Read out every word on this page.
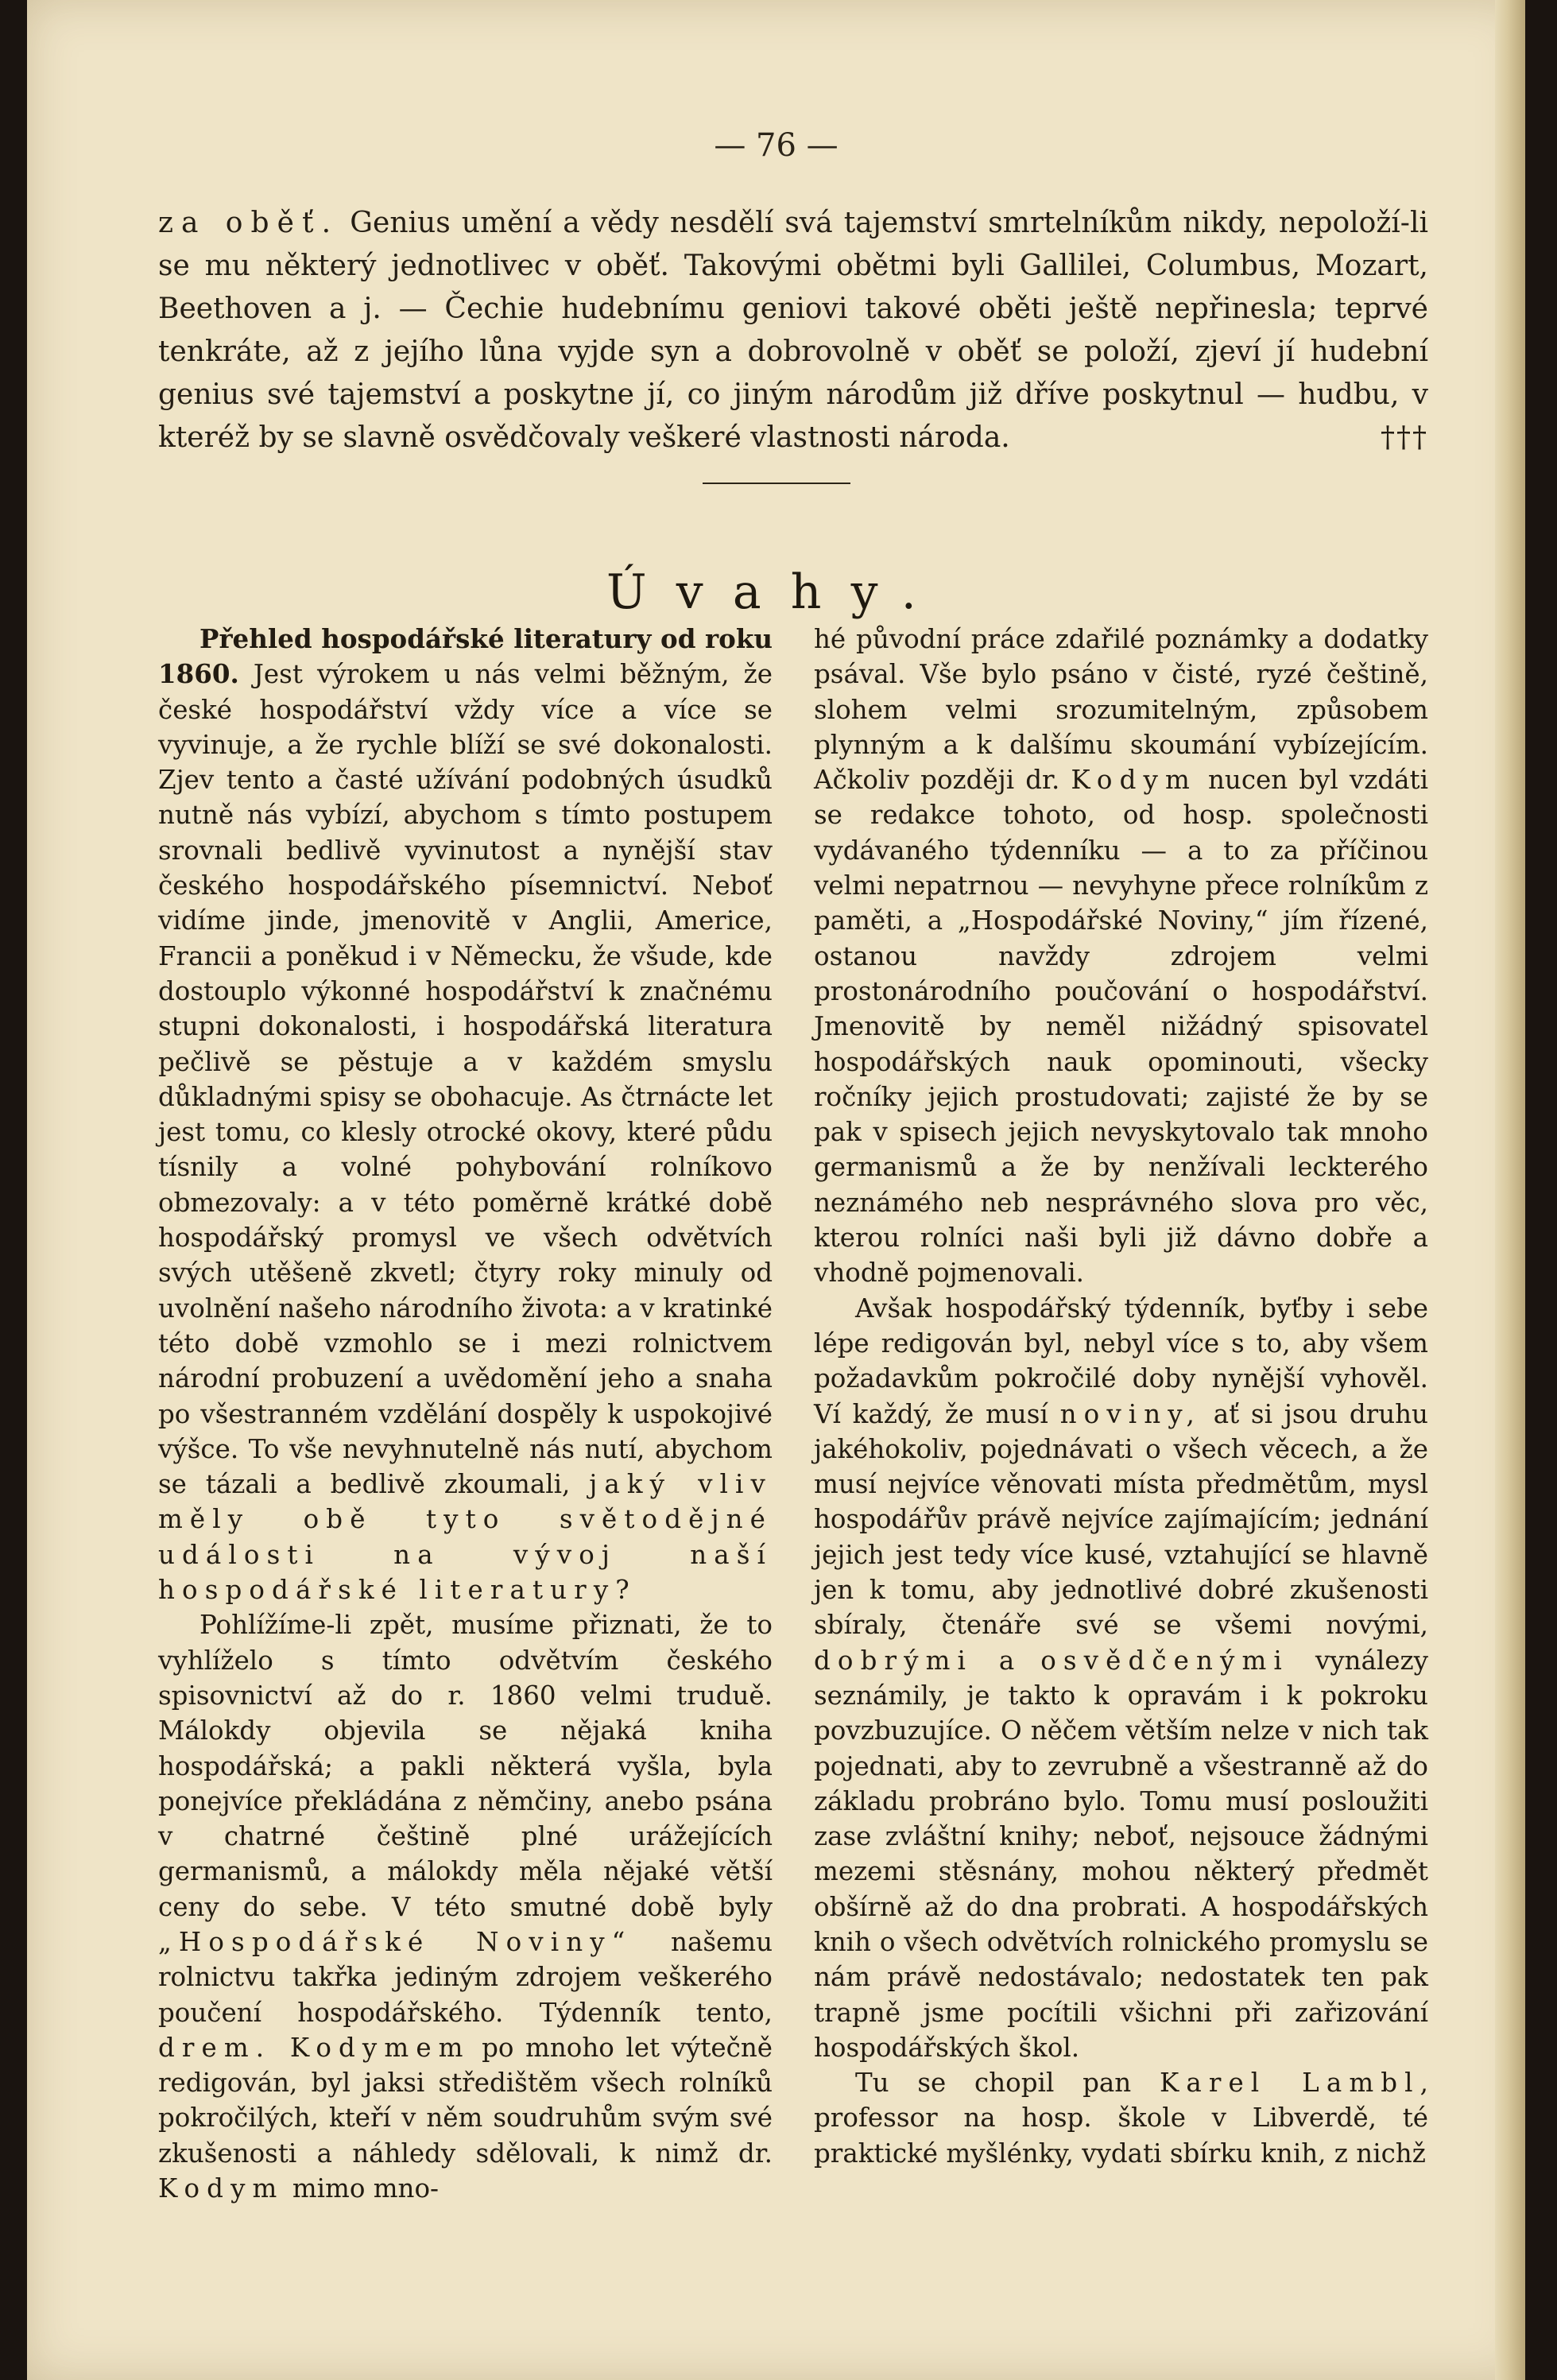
— 76 —

za oběť. Genius umění a vědy nesdělí svá tajemství smrtelníkům nikdy, nepoloží-li se mu některý jednotlivec v oběť. Takovými obětmi byli Gallilei, Columbus, Mozart, Beethoven a j. — Čechie hudebnímu geniovi takové oběti ještě nepřinesla; teprvé tenkráte, až z jejího lůna vyjde syn a dobrovolně v oběť se položí, zjeví jí hudební genius své tajemství a poskytne jí, co jiným národům již dříve poskytnul — hudbu, v kteréž by se slavně osvědčovaly veškeré vlastnosti národa.	†††

Úvahy.

Přehled hospodářské literatury od roku 1860. Jest výrokem u nás velmi běžným, že české hospodářství vždy více a více se vyvinuje, a že rychle blíží se své dokonalosti. Zjev tento a časté užívání podobných úsudků nutně nás vybízí, abychom s tímto postupem srovnali bedlivě vyvinutost a nynější stav českého hospodářského písemnictví. Neboť vidíme jinde, jmenovitě v Anglii, Americe, Francii a poněkud i v Německu, že všude, kde dostouplo výkonné hospodářství k značnému stupni dokonalosti, i hospodářská literatura pečlivě se pěstuje a v každém smyslu důkladnými spisy se obohacuje. As čtrnácte let jest tomu, co klesly otrocké okovy, které půdu tísnily a volné pohybování rolníkovo obmezovaly: a v této poměrně krátké době hospodářský promysl ve všech odvětvích svých utěšeně zkvetl; čtyry roky minuly od uvolnění našeho národního života: a v kratinké této době vzmohlo se i mezi rolnictvem národní probuzení a uvědomění jeho a snaha po všestranném vzdělání dospěly k uspokojivé výšce. To vše nevyhnutelně nás nutí, abychom se tázali a bedlivě zkoumali, jaký vliv měly obě tyto světodějné události na vývoj naší hospodářské literatury?

Pohlížíme-li zpět, musíme přiznati, že to vyhlíželo s tímto odvětvím českého spisovnictví až do r. 1860 velmi truduě. Málokdy objevila se nějaká kniha hospodářská; a pakli některá vyšla, byla ponejvíce překládána z němčiny, anebo psána v chatrné češtině plné urážejících germanismů, a málokdy měla nějaké větší ceny do sebe. V této smutné době byly „Hospodářské Noviny“ našemu rolnictvu takřka jediným zdrojem veškerého poučení hospodářského. Týdenník tento, drem. Kodymem po mnoho let výtečně redigován, byl jaksi středištěm všech rolníků pokročilých, kteří v něm soudruhům svým své zkušenosti a náhledy sdělovali, k nimž dr. Kodym mimo mno-

hé původní práce zdařilé poznámky a dodatky psával. Vše bylo psáno v čisté, ryzé češtině, slohem velmi srozumitelným, způsobem plynným a k dalšímu skoumání vybízejícím. Ačkoliv později dr. Kodym nucen byl vzdáti se redakce tohoto, od hosp. společnosti vydávaného týdenníku — a to za příčinou velmi nepatrnou — nevyhyne přece rolníkům z paměti, a „Hospodářské Noviny,“ jím řízené, ostanou navždy zdrojem velmi prostonárodního poučování o hospodářství. Jmenovitě by neměl nižádný spisovatel hospodářských nauk opominouti, všecky ročníky jejich prostudovati; zajisté že by se pak v spisech jejich nevyskytovalo tak mnoho germanismů a že by nenžívali leckterého neznámého neb nesprávného slova pro věc, kterou rolníci naši byli již dávno dobře a vhodně pojmenovali.

Avšak hospodářský týdenník, byťby i sebe lépe redigován byl, nebyl více s to, aby všem požadavkům pokročilé doby nynější vyhověl. Ví každý, že musí noviny, ať si jsou druhu jakéhokoliv, pojednávati o všech věcech, a že musí nejvíce věnovati místa předmětům, mysl hospodářův právě nejvíce zajímajícím; jednání jejich jest tedy více kusé, vztahující se hlavně jen k tomu, aby jednotlivé dobré zkušenosti sbíraly, čtenáře své se všemi novými, dobrými a osvědčenými vynálezy seznámily, je takto k opravám i k pokroku povzbuzujíce. O něčem větším nelze v nich tak pojednati, aby to zevrubně a všestranně až do základu probráno bylo. Tomu musí posloužiti zase zvláštní knihy; neboť, nejsouce žádnými mezemi stěsnány, mohou některý předmět obšírně až do dna probrati. A hospodářských knih o všech odvětvích rolnického promyslu se nám právě nedostávalo; nedostatek ten pak trapně jsme pocítili všichni při zařizování hospodářských škol.

Tu se chopil pan Karel Lambl, professor na hosp. škole v Libverdě, té praktické myšlénky, vydati sbírku knih, z nichž
